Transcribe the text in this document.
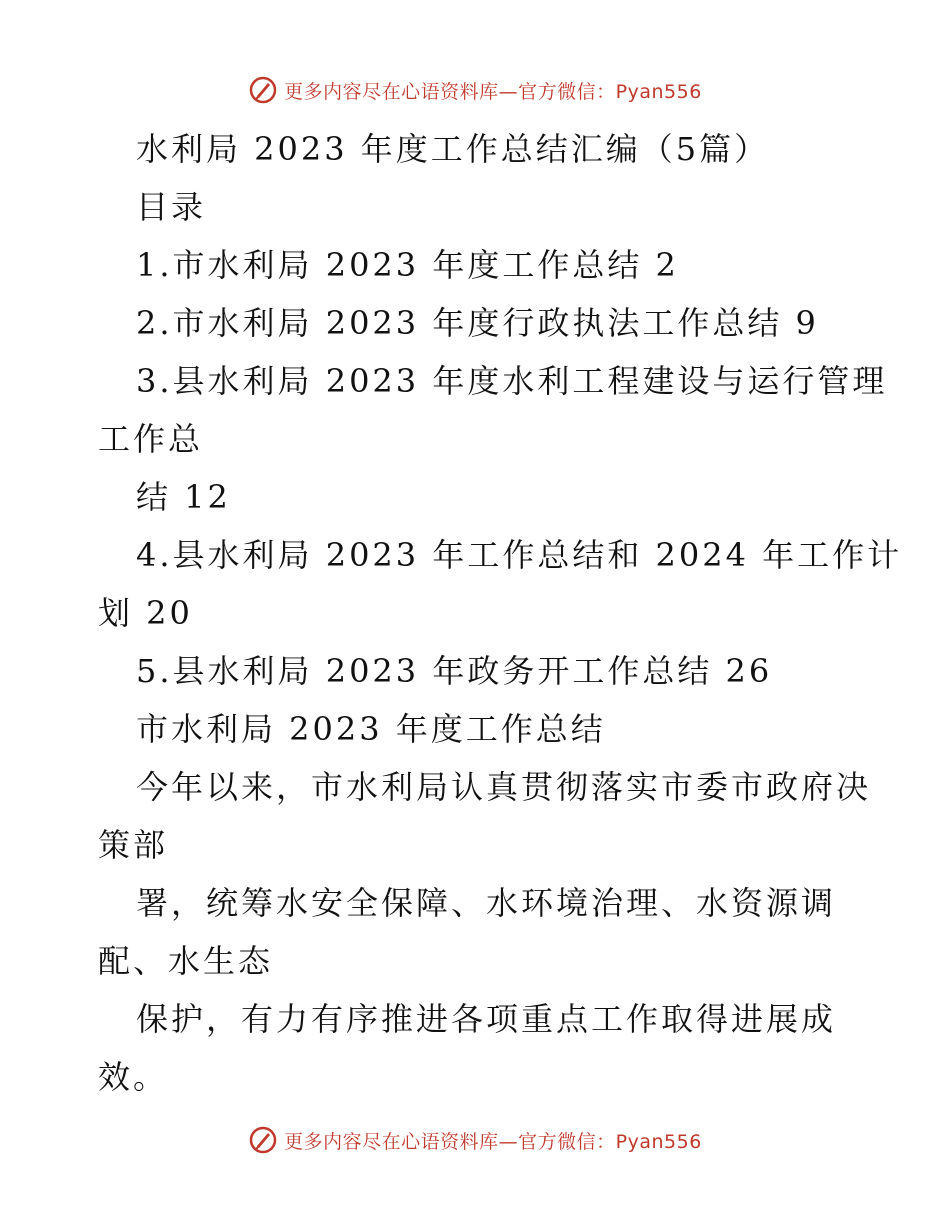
更多内容尽在心语资料库—官方微信：Pyan556
水利局 2023 年度工作总结汇编（5篇）
目录
1.市水利局 2023 年度工作总结 2
2.市水利局 2023 年度行政执法工作总结 9
3.县水利局 2023 年度水利工程建设与运行管理
工作总
结 12
4.县水利局 2023 年工作总结和 2024 年工作计
划 20
5.县水利局 2023 年政务开工作总结 26
市水利局 2023 年度工作总结
今年以来，市水利局认真贯彻落实市委市政府决
策部
署，统筹水安全保障、水环境治理、水资源调
配、水生态
保护，有力有序推进各项重点工作取得进展成
效。
更多内容尽在心语资料库—官方微信：Pyan556
